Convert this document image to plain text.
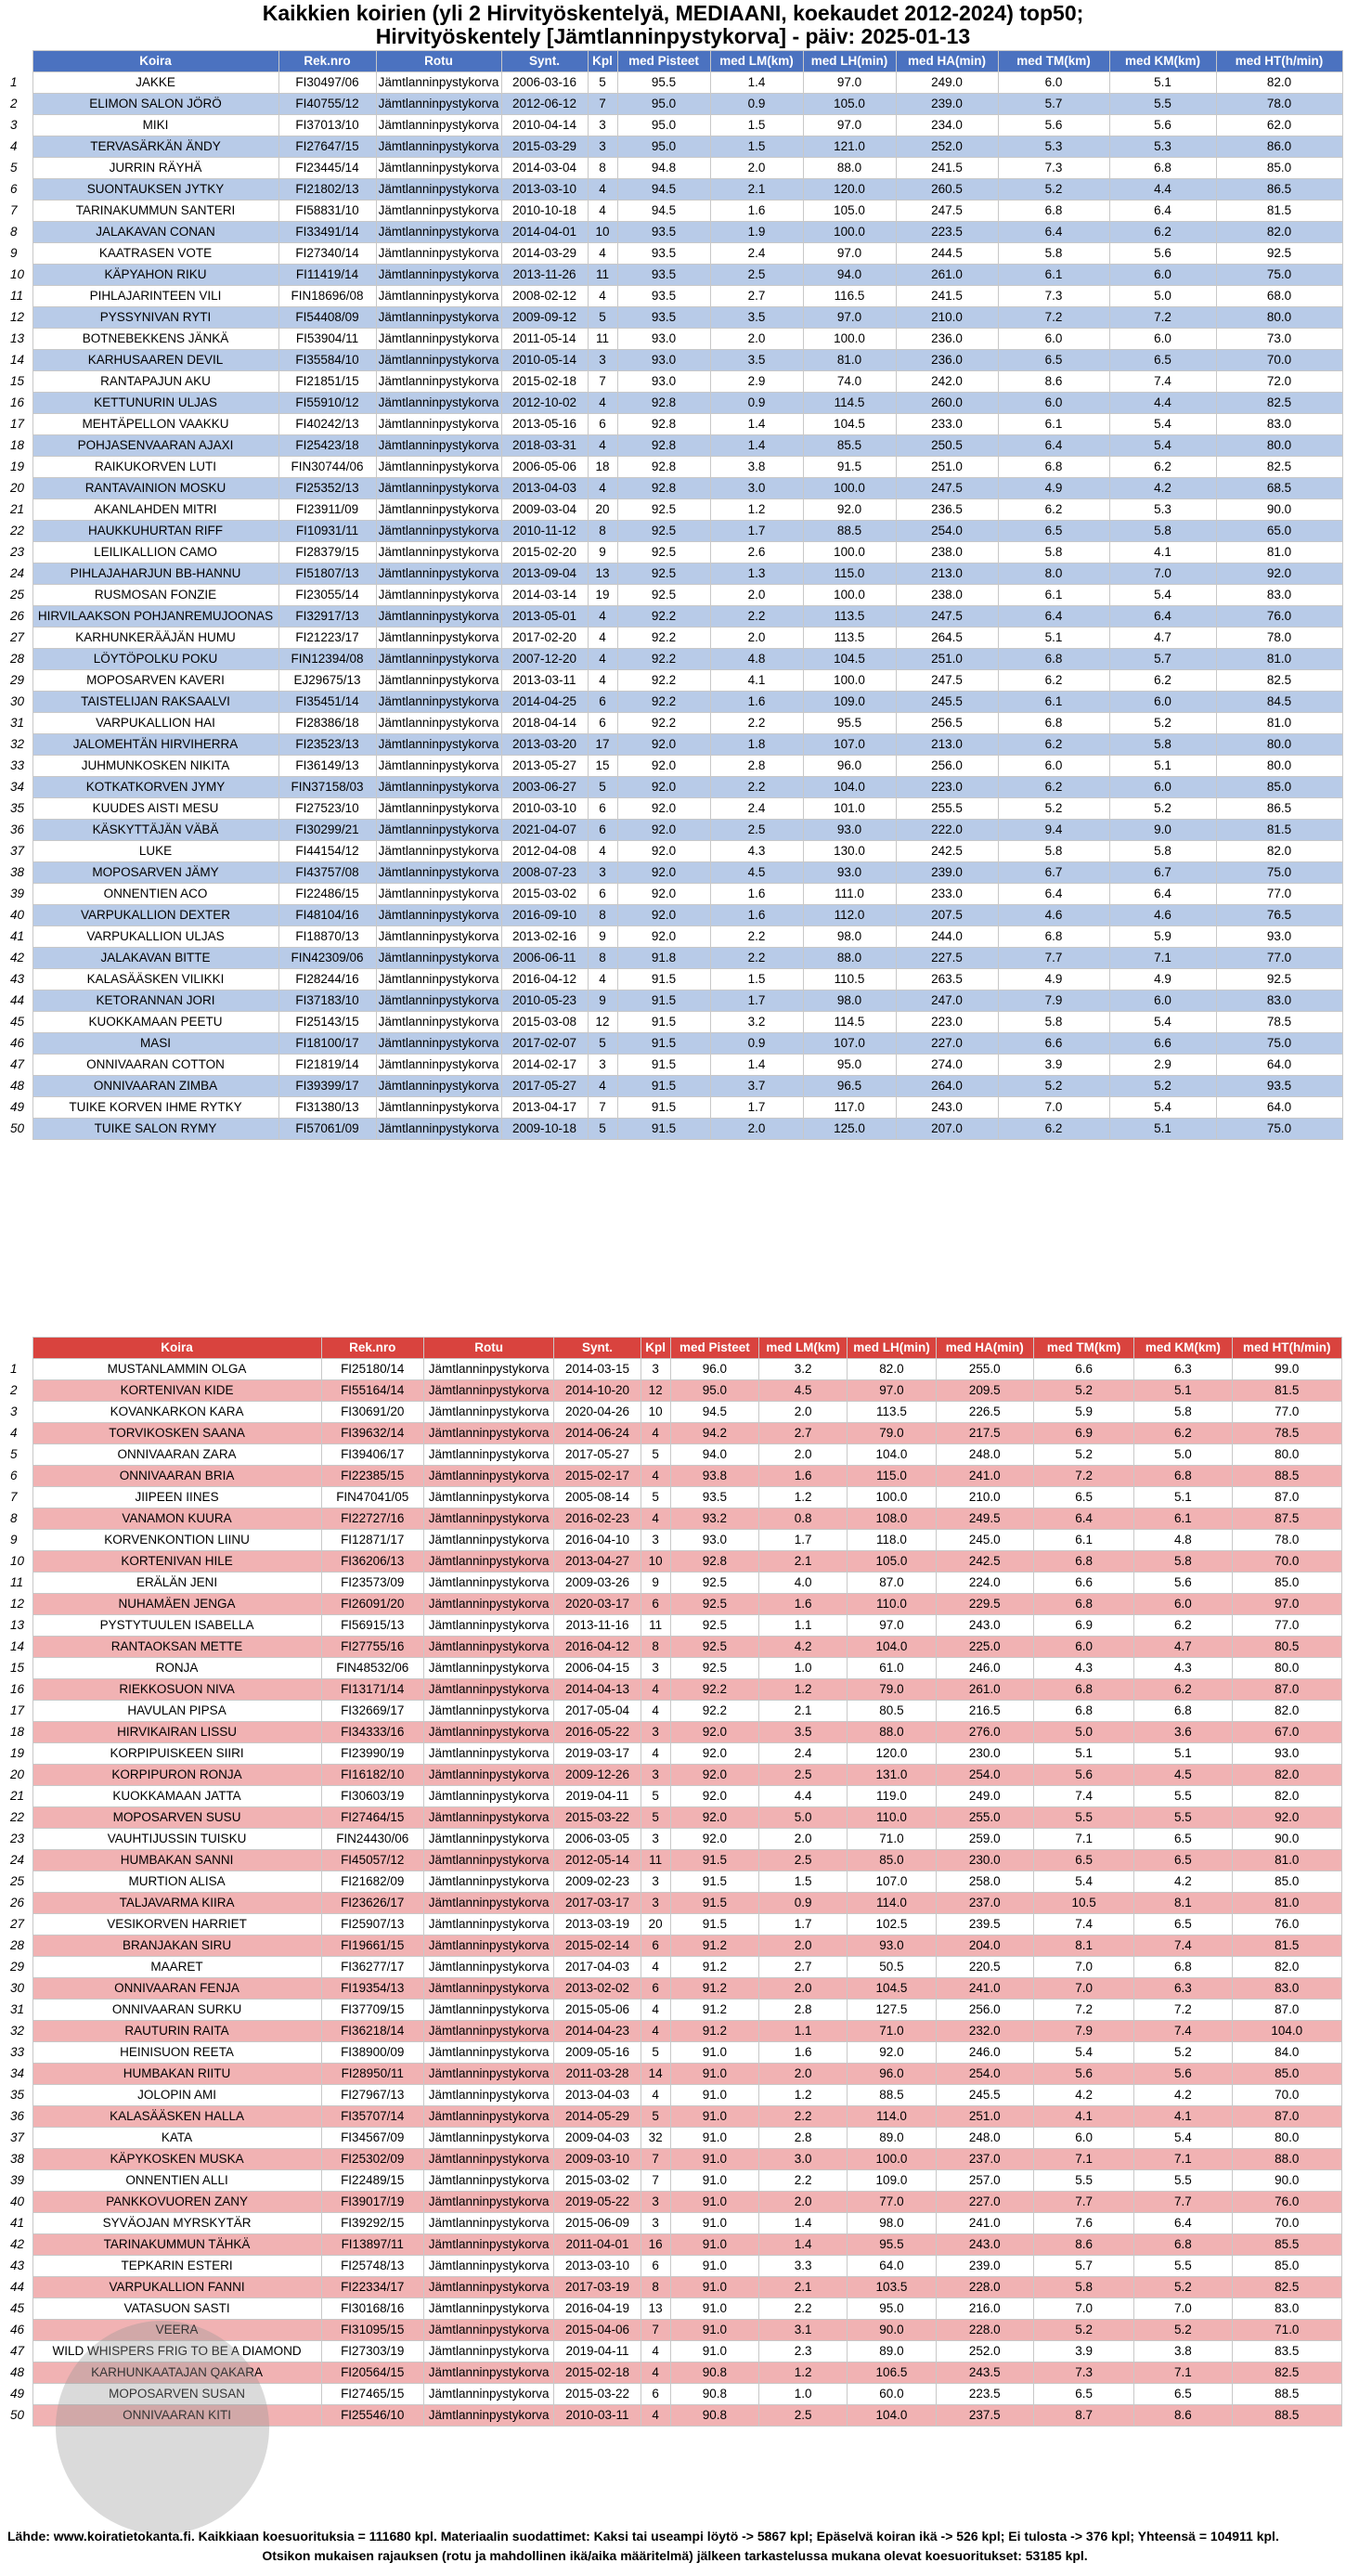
Kaikkien koirien (yli 2 Hirvityöskentelyä, MEDIAANI, koekaudet 2012-2024) top50;
Hirvityöskentely [Jämtlanninpystykorva] - päiv: 2025-01-13
	Koira	Rek.nro	Rotu	Synt.	Kpl	med Pisteet	med LM(km)	med LH(min)	med HA(min)	med TM(km)	med KM(km)	med HT(h/min)
1	JAKKE	FI30497/06	Jämtlanninpystykorva	2006-03-16	5	95.5	1.4	97.0	249.0	6.0	5.1	82.0
2	ELIMON SALON JÖRÖ	FI40755/12	Jämtlanninpystykorva	2012-06-12	7	95.0	0.9	105.0	239.0	5.7	5.5	78.0
3	MIKI	FI37013/10	Jämtlanninpystykorva	2010-04-14	3	95.0	1.5	97.0	234.0	5.6	5.6	62.0
4	TERVASÄRKÄN ÄNDY	FI27647/15	Jämtlanninpystykorva	2015-03-29	3	95.0	1.5	121.0	252.0	5.3	5.3	86.0
5	JURRIN RÄYHÄ	FI23445/14	Jämtlanninpystykorva	2014-03-04	8	94.8	2.0	88.0	241.5	7.3	6.8	85.0
6	SUONTAUKSEN JYTKY	FI21802/13	Jämtlanninpystykorva	2013-03-10	4	94.5	2.1	120.0	260.5	5.2	4.4	86.5
7	TARINAKUMMUN SANTERI	FI58831/10	Jämtlanninpystykorva	2010-10-18	4	94.5	1.6	105.0	247.5	6.8	6.4	81.5
8	JALAKAVAN CONAN	FI33491/14	Jämtlanninpystykorva	2014-04-01	10	93.5	1.9	100.0	223.5	6.4	6.2	82.0
9	KAATRASEN VOTE	FI27340/14	Jämtlanninpystykorva	2014-03-29	4	93.5	2.4	97.0	244.5	5.8	5.6	92.5
10	KÄPYAHON RIKU	FI11419/14	Jämtlanninpystykorva	2013-11-26	11	93.5	2.5	94.0	261.0	6.1	6.0	75.0
11	PIHLAJARINTEEN VILI	FIN18696/08	Jämtlanninpystykorva	2008-02-12	4	93.5	2.7	116.5	241.5	7.3	5.0	68.0
12	PYSSYNIVAN RYTI	FI54408/09	Jämtlanninpystykorva	2009-09-12	5	93.5	3.5	97.0	210.0	7.2	7.2	80.0
13	BOTNEBEKKENS JÄNKÄ	FI53904/11	Jämtlanninpystykorva	2011-05-14	11	93.0	2.0	100.0	236.0	6.0	6.0	73.0
14	KARHUSAAREN DEVIL	FI35584/10	Jämtlanninpystykorva	2010-05-14	3	93.0	3.5	81.0	236.0	6.5	6.5	70.0
15	RANTAPAJUN AKU	FI21851/15	Jämtlanninpystykorva	2015-02-18	7	93.0	2.9	74.0	242.0	8.6	7.4	72.0
16	KETTUNURIN ULJAS	FI55910/12	Jämtlanninpystykorva	2012-10-02	4	92.8	0.9	114.5	260.0	6.0	4.4	82.5
17	MEHTÄPELLON VAAKKU	FI40242/13	Jämtlanninpystykorva	2013-05-16	6	92.8	1.4	104.5	233.0	6.1	5.4	83.0
18	POHJASENVAARAN AJAXI	FI25423/18	Jämtlanninpystykorva	2018-03-31	4	92.8	1.4	85.5	250.5	6.4	5.4	80.0
19	RAIKUKORVEN LUTI	FIN30744/06	Jämtlanninpystykorva	2006-05-06	18	92.8	3.8	91.5	251.0	6.8	6.2	82.5
20	RANTAVAINION MOSKU	FI25352/13	Jämtlanninpystykorva	2013-04-03	4	92.8	3.0	100.0	247.5	4.9	4.2	68.5
21	AKANLAHDEN MITRI	FI23911/09	Jämtlanninpystykorva	2009-03-04	20	92.5	1.2	92.0	236.5	6.2	5.3	90.0
22	HAUKKUHURTAN RIFF	FI10931/11	Jämtlanninpystykorva	2010-11-12	8	92.5	1.7	88.5	254.0	6.5	5.8	65.0
23	LEILIKALLION CAMO	FI28379/15	Jämtlanninpystykorva	2015-02-20	9	92.5	2.6	100.0	238.0	5.8	4.1	81.0
24	PIHLAJAHARJUN BB-HANNU	FI51807/13	Jämtlanninpystykorva	2013-09-04	13	92.5	1.3	115.0	213.0	8.0	7.0	92.0
25	RUSMOSAN FONZIE	FI23055/14	Jämtlanninpystykorva	2014-03-14	19	92.5	2.0	100.0	238.0	6.1	5.4	83.0
26	HIRVILAAKSON POHJANREMUJOONAS	FI32917/13	Jämtlanninpystykorva	2013-05-01	4	92.2	2.2	113.5	247.5	6.4	6.4	76.0
27	KARHUNKERÄÄJÄN HUMU	FI21223/17	Jämtlanninpystykorva	2017-02-20	4	92.2	2.0	113.5	264.5	5.1	4.7	78.0
28	LÖYTÖPOLKU POKU	FIN12394/08	Jämtlanninpystykorva	2007-12-20	4	92.2	4.8	104.5	251.0	6.8	5.7	81.0
29	MOPOSARVEN KAVERI	EJ29675/13	Jämtlanninpystykorva	2013-03-11	4	92.2	4.1	100.0	247.5	6.2	6.2	82.5
30	TAISTELIJAN RAKSAALVI	FI35451/14	Jämtlanninpystykorva	2014-04-25	6	92.2	1.6	109.0	245.5	6.1	6.0	84.5
31	VARPUKALLION HAI	FI28386/18	Jämtlanninpystykorva	2018-04-14	6	92.2	2.2	95.5	256.5	6.8	5.2	81.0
32	JALOMEHTÄN HIRVIHERRA	FI23523/13	Jämtlanninpystykorva	2013-03-20	17	92.0	1.8	107.0	213.0	6.2	5.8	80.0
33	JUHMUNKOSKEN NIKITA	FI36149/13	Jämtlanninpystykorva	2013-05-27	15	92.0	2.8	96.0	256.0	6.0	5.1	80.0
34	KOTKATKORVEN JYMY	FIN37158/03	Jämtlanninpystykorva	2003-06-27	5	92.0	2.2	104.0	223.0	6.2	6.0	85.0
35	KUUDES AISTI MESU	FI27523/10	Jämtlanninpystykorva	2010-03-10	6	92.0	2.4	101.0	255.5	5.2	5.2	86.5
36	KÄSKYTTÄJÄN VÄBÄ	FI30299/21	Jämtlanninpystykorva	2021-04-07	6	92.0	2.5	93.0	222.0	9.4	9.0	81.5
37	LUKE	FI44154/12	Jämtlanninpystykorva	2012-04-08	4	92.0	4.3	130.0	242.5	5.8	5.8	82.0
38	MOPOSARVEN JÄMY	FI43757/08	Jämtlanninpystykorva	2008-07-23	3	92.0	4.5	93.0	239.0	6.7	6.7	75.0
39	ONNENTIEN ACO	FI22486/15	Jämtlanninpystykorva	2015-03-02	6	92.0	1.6	111.0	233.0	6.4	6.4	77.0
40	VARPUKALLION DEXTER	FI48104/16	Jämtlanninpystykorva	2016-09-10	8	92.0	1.6	112.0	207.5	4.6	4.6	76.5
41	VARPUKALLION ULJAS	FI18870/13	Jämtlanninpystykorva	2013-02-16	9	92.0	2.2	98.0	244.0	6.8	5.9	93.0
42	JALAKAVAN BITTE	FIN42309/06	Jämtlanninpystykorva	2006-06-11	8	91.8	2.2	88.0	227.5	7.7	7.1	77.0
43	KALASÄÄSKEN VILIKKI	FI28244/16	Jämtlanninpystykorva	2016-04-12	4	91.5	1.5	110.5	263.5	4.9	4.9	92.5
44	KETORANNAN JORI	FI37183/10	Jämtlanninpystykorva	2010-05-23	9	91.5	1.7	98.0	247.0	7.9	6.0	83.0
45	KUOKKAMAAN PEETU	FI25143/15	Jämtlanninpystykorva	2015-03-08	12	91.5	3.2	114.5	223.0	5.8	5.4	78.5
46	MASI	FI18100/17	Jämtlanninpystykorva	2017-02-07	5	91.5	0.9	107.0	227.0	6.6	6.6	75.0
47	ONNIVAARAN COTTON	FI21819/14	Jämtlanninpystykorva	2014-02-17	3	91.5	1.4	95.0	274.0	3.9	2.9	64.0
48	ONNIVAARAN ZIMBA	FI39399/17	Jämtlanninpystykorva	2017-05-27	4	91.5	3.7	96.5	264.0	5.2	5.2	93.5
49	TUIKE KORVEN IHME RYTKY	FI31380/13	Jämtlanninpystykorva	2013-04-17	7	91.5	1.7	117.0	243.0	7.0	5.4	64.0
50	TUIKE SALON RYMY	FI57061/09	Jämtlanninpystykorva	2009-10-18	5	91.5	2.0	125.0	207.0	6.2	5.1	75.0
	Koira	Rek.nro	Rotu	Synt.	Kpl	med Pisteet	med LM(km)	med LH(min)	med HA(min)	med TM(km)	med KM(km)	med HT(h/min)
1	MUSTANLAMMIN OLGA	FI25180/14	Jämtlanninpystykorva	2014-03-15	3	96.0	3.2	82.0	255.0	6.6	6.3	99.0
2	KORTENIVAN KIDE	FI55164/14	Jämtlanninpystykorva	2014-10-20	12	95.0	4.5	97.0	209.5	5.2	5.1	81.5
3	KOVANKARKON KARA	FI30691/20	Jämtlanninpystykorva	2020-04-26	10	94.5	2.0	113.5	226.5	5.9	5.8	77.0
4	TORVIKOSKEN SAANA	FI39632/14	Jämtlanninpystykorva	2014-06-24	4	94.2	2.7	79.0	217.5	6.9	6.2	78.5
5	ONNIVAARAN ZARA	FI39406/17	Jämtlanninpystykorva	2017-05-27	5	94.0	2.0	104.0	248.0	5.2	5.0	80.0
6	ONNIVAARAN BRIA	FI22385/15	Jämtlanninpystykorva	2015-02-17	4	93.8	1.6	115.0	241.0	7.2	6.8	88.5
7	JIIPEEN IINES	FIN47041/05	Jämtlanninpystykorva	2005-08-14	5	93.5	1.2	100.0	210.0	6.5	5.1	87.0
8	VANAMON KUURA	FI22727/16	Jämtlanninpystykorva	2016-02-23	4	93.2	0.8	108.0	249.5	6.4	6.1	87.5
9	KORVENKONTION LIINU	FI12871/17	Jämtlanninpystykorva	2016-04-10	3	93.0	1.7	118.0	245.0	6.1	4.8	78.0
10	KORTENIVAN HILE	FI36206/13	Jämtlanninpystykorva	2013-04-27	10	92.8	2.1	105.0	242.5	6.8	5.8	70.0
11	ERÄLÄN JENI	FI23573/09	Jämtlanninpystykorva	2009-03-26	9	92.5	4.0	87.0	224.0	6.6	5.6	85.0
12	NUHAMÄEN JENGA	FI26091/20	Jämtlanninpystykorva	2020-03-17	6	92.5	1.6	110.0	229.5	6.8	6.0	97.0
13	PYSTYTUULEN ISABELLA	FI56915/13	Jämtlanninpystykorva	2013-11-16	11	92.5	1.1	97.0	243.0	6.9	6.2	77.0
14	RANTAOKSAN METTE	FI27755/16	Jämtlanninpystykorva	2016-04-12	8	92.5	4.2	104.0	225.0	6.0	4.7	80.5
15	RONJA	FIN48532/06	Jämtlanninpystykorva	2006-04-15	3	92.5	1.0	61.0	246.0	4.3	4.3	80.0
16	RIEKKOSUON NIVA	FI13171/14	Jämtlanninpystykorva	2014-04-13	4	92.2	1.2	79.0	261.0	6.8	6.2	87.0
17	HAVULAN PIPSA	FI32669/17	Jämtlanninpystykorva	2017-05-04	4	92.2	2.1	80.5	216.5	6.8	6.8	82.0
18	HIRVIKAIRAN LISSU	FI34333/16	Jämtlanninpystykorva	2016-05-22	3	92.0	3.5	88.0	276.0	5.0	3.6	67.0
19	KORPIPUISKEEN SIIRI	FI23990/19	Jämtlanninpystykorva	2019-03-17	4	92.0	2.4	120.0	230.0	5.1	5.1	93.0
20	KORPIPURON RONJA	FI16182/10	Jämtlanninpystykorva	2009-12-26	3	92.0	2.5	131.0	254.0	5.6	4.5	82.0
21	KUOKKAMAAN JATTA	FI30603/19	Jämtlanninpystykorva	2019-04-11	5	92.0	4.4	119.0	249.0	7.4	5.5	82.0
22	MOPOSARVEN SUSU	FI27464/15	Jämtlanninpystykorva	2015-03-22	5	92.0	5.0	110.0	255.0	5.5	5.5	92.0
23	VAUHTIJUSSIN TUISKU	FIN24430/06	Jämtlanninpystykorva	2006-03-05	3	92.0	2.0	71.0	259.0	7.1	6.5	90.0
24	HUMBAKAN SANNI	FI45057/12	Jämtlanninpystykorva	2012-05-14	11	91.5	2.5	85.0	230.0	6.5	6.5	81.0
25	MURTION ALISA	FI21682/09	Jämtlanninpystykorva	2009-02-23	3	91.5	1.5	107.0	258.0	5.4	4.2	85.0
26	TALJAVARMA KIIRA	FI23626/17	Jämtlanninpystykorva	2017-03-17	3	91.5	0.9	114.0	237.0	10.5	8.1	81.0
27	VESIKORVEN HARRIET	FI25907/13	Jämtlanninpystykorva	2013-03-19	20	91.5	1.7	102.5	239.5	7.4	6.5	76.0
28	BRANJAKAN SIRU	FI19661/15	Jämtlanninpystykorva	2015-02-14	6	91.2	2.0	93.0	204.0	8.1	7.4	81.5
29	MAARET	FI36277/17	Jämtlanninpystykorva	2017-04-03	4	91.2	2.7	50.5	220.5	7.0	6.8	82.0
30	ONNIVAARAN FENJA	FI19354/13	Jämtlanninpystykorva	2013-02-02	6	91.2	2.0	104.5	241.0	7.0	6.3	83.0
31	ONNIVAARAN SURKU	FI37709/15	Jämtlanninpystykorva	2015-05-06	4	91.2	2.8	127.5	256.0	7.2	7.2	87.0
32	RAUTURIN RAITA	FI36218/14	Jämtlanninpystykorva	2014-04-23	4	91.2	1.1	71.0	232.0	7.9	7.4	104.0
33	HEINISUON REETA	FI38900/09	Jämtlanninpystykorva	2009-05-16	5	91.0	1.6	92.0	246.0	5.4	5.2	84.0
34	HUMBAKAN RIITU	FI28950/11	Jämtlanninpystykorva	2011-03-28	14	91.0	2.0	96.0	254.0	5.6	5.6	85.0
35	JOLOPIN AMI	FI27967/13	Jämtlanninpystykorva	2013-04-03	4	91.0	1.2	88.5	245.5	4.2	4.2	70.0
36	KALASÄÄSKEN HALLA	FI35707/14	Jämtlanninpystykorva	2014-05-29	5	91.0	2.2	114.0	251.0	4.1	4.1	87.0
37	KATA	FI34567/09	Jämtlanninpystykorva	2009-04-03	32	91.0	2.8	89.0	248.0	6.0	5.4	80.0
38	KÄPYKOSKEN MUSKA	FI25302/09	Jämtlanninpystykorva	2009-03-10	7	91.0	3.0	100.0	237.0	7.1	7.1	88.0
39	ONNENTIEN ALLI	FI22489/15	Jämtlanninpystykorva	2015-03-02	7	91.0	2.2	109.0	257.0	5.5	5.5	90.0
40	PANKKOVUOREN ZANY	FI39017/19	Jämtlanninpystykorva	2019-05-22	3	91.0	2.0	77.0	227.0	7.7	7.7	76.0
41	SYVÄOJAN MYRSKYTÄR	FI39292/15	Jämtlanninpystykorva	2015-06-09	3	91.0	1.4	98.0	241.0	7.6	6.4	70.0
42	TARINAKUMMUN TÄHKÄ	FI13897/11	Jämtlanninpystykorva	2011-04-01	16	91.0	1.4	95.5	243.0	8.6	6.8	85.5
43	TEPKARIN ESTERI	FI25748/13	Jämtlanninpystykorva	2013-03-10	6	91.0	3.3	64.0	239.0	5.7	5.5	85.0
44	VARPUKALLION FANNI	FI22334/17	Jämtlanninpystykorva	2017-03-19	8	91.0	2.1	103.5	228.0	5.8	5.2	82.5
45	VATASUON SASTI	FI30168/16	Jämtlanninpystykorva	2016-04-19	13	91.0	2.2	95.0	216.0	7.0	7.0	83.0
46	VEERA	FI31095/15	Jämtlanninpystykorva	2015-04-06	7	91.0	3.1	90.0	228.0	5.2	5.2	71.0
47	WILD WHISPERS FRIG TO BE A DIAMOND	FI27303/19	Jämtlanninpystykorva	2019-04-11	4	91.0	2.3	89.0	252.0	3.9	3.8	83.5
48	KARHUNKAATAJAN QAKARA	FI20564/15	Jämtlanninpystykorva	2015-02-18	4	90.8	1.2	106.5	243.5	7.3	7.1	82.5
49	MOPOSARVEN SUSAN	FI27465/15	Jämtlanninpystykorva	2015-03-22	6	90.8	1.0	60.0	223.5	6.5	6.5	88.5
50	ONNIVAARAN KITI	FI25546/10	Jämtlanninpystykorva	2010-03-11	4	90.8	2.5	104.0	237.5	8.7	8.6	88.5
Lähde: www.koiratietokanta.fi. Kaikkiaan koesuorituksia = 111680 kpl. Materiaalin suodattimet: Kaksi tai useampi löytö -> 5867 kpl; Epäselvä koiran ikä -> 526 kpl; Ei tulosta -> 376 kpl; Yhteensä = 104911 kpl.
Otsikon mukaisen rajauksen (rotu ja mahdollinen ikä/aika määritelmä) jälkeen tarkastelussa mukana olevat koesuoritukset: 53185 kpl.
